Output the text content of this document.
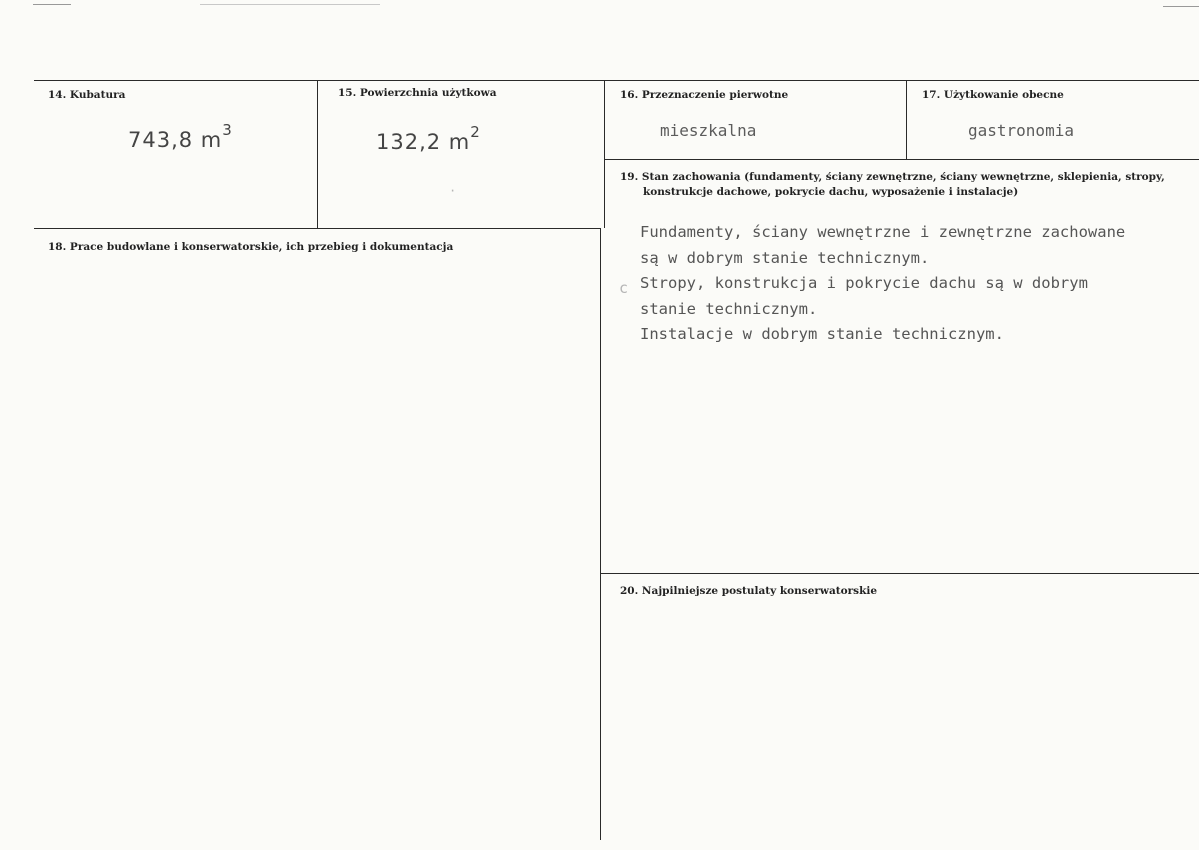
14. Kubatura
743,8 $m^3$
15. Powierzchnia użytkowa
132,2 $m^2$
·
16. Przeznaczenie pierwotne
mieszkalna
17. Użytkowanie obecne
gastronomia
19. Stan zachowania (fundamenty, ściany zewnętrzne, ściany wewnętrzne, sklepienia, stropy,
konstrukcje dachowe, pokrycie dachu, wyposażenie i instalacje)
Fundamenty, ściany wewnętrzne i zewnętrzne zachowane
są w dobrym stanie technicznym.
Stropy, konstrukcja i pokrycie dachu są w dobrym
stanie technicznym.
Instalacje w dobrym stanie technicznym.
c
18. Prace budowlane i konserwatorskie, ich przebieg i dokumentacja
20. Najpilniejsze postulaty konserwatorskie
